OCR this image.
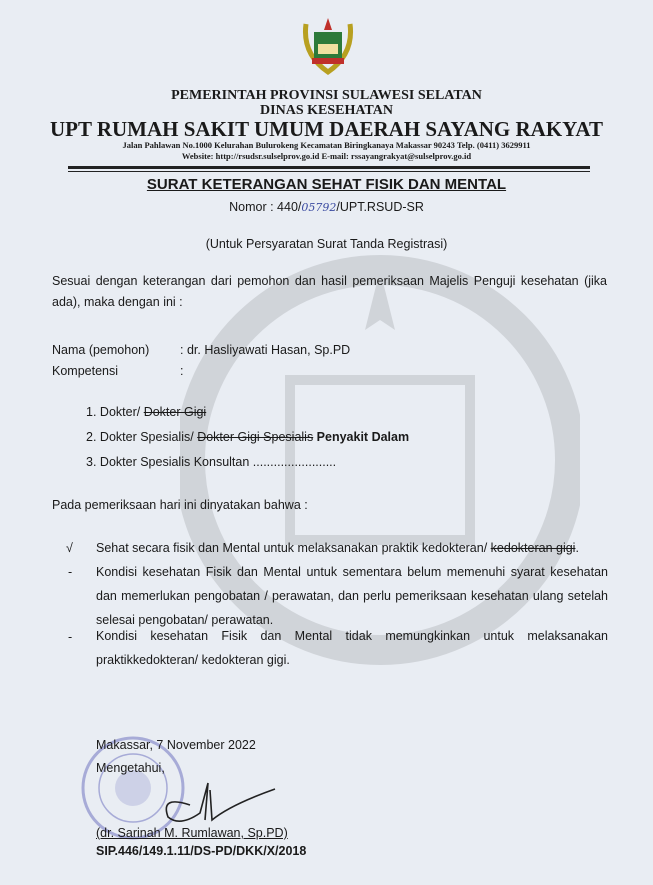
PEMERINTAH PROVINSI SULAWESI SELATAN
DINAS KESEHATAN
UPT RUMAH SAKIT UMUM DAERAH SAYANG RAKYAT
Jalan Pahlawan No.1000 Kelurahan Bulurokeng Kecamatan Biringkanaya Makassar 90243 Telp. (0411) 3629911
Website: http://rsudsr.sulselprov.go.id E-mail: rssayangrakyat@sulselprov.go.id
SURAT KETERANGAN SEHAT FISIK DAN MENTAL
Nomor : 440/05792/UPT.RSUD-SR
(Untuk Persyaratan Surat Tanda Registrasi)
Sesuai dengan keterangan dari pemohon dan hasil pemeriksaan Majelis Penguji kesehatan (jika ada), maka dengan ini :
Nama (pemohon) : dr. Hasliyawati Hasan, Sp.PD
Kompetensi	:
1. Dokter/ Dokter Gigi
2. Dokter Spesialis/ Dokter Gigi Spesialis Penyakit Dalam
3. Dokter Spesialis Konsultan ........................
Pada pemeriksaan hari ini dinyatakan bahwa :
√ Sehat secara fisik dan Mental untuk melaksanakan praktik kedokteran/ kedokteran gigi.
- Kondisi kesehatan Fisik dan Mental untuk sementara belum memenuhi syarat kesehatan dan memerlukan pengobatan / perawatan, dan perlu pemeriksaan kesehatan ulang setelah selesai pengobatan/ perawatan.
- Kondisi kesehatan Fisik dan Mental tidak memungkinkan untuk melaksanakan praktikkedokteran/ kedokteran gigi.
Makassar, 7 November 2022
Mengetahui,
(dr. Sarinah M. Rumlawan, Sp.PD)
SIP.446/149.1.11/DS-PD/DKK/X/2018
